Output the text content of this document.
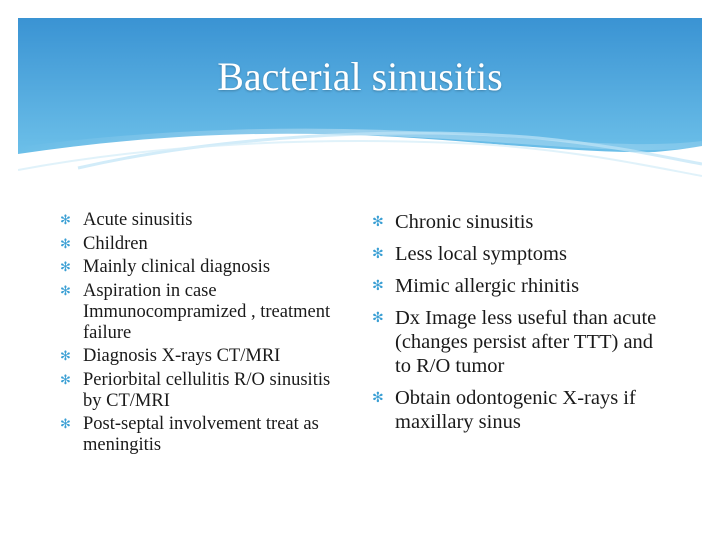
Bacterial sinusitis
✻ Acute sinusitis
✻ Children
✻ Mainly clinical diagnosis
✻ Aspiration in case Immunocompramized , treatment failure
✻ Diagnosis X-rays CT/MRI
✻ Periorbital cellulitis R/O sinusitis by CT/MRI
✻ Post-septal involvement treat as meningitis
✻ Chronic sinusitis
✻ Less local symptoms
✻ Mimic allergic rhinitis
✻ Dx Image less useful than acute (changes persist after TTT) and to R/O tumor
✻ Obtain odontogenic X-rays if maxillary sinus
